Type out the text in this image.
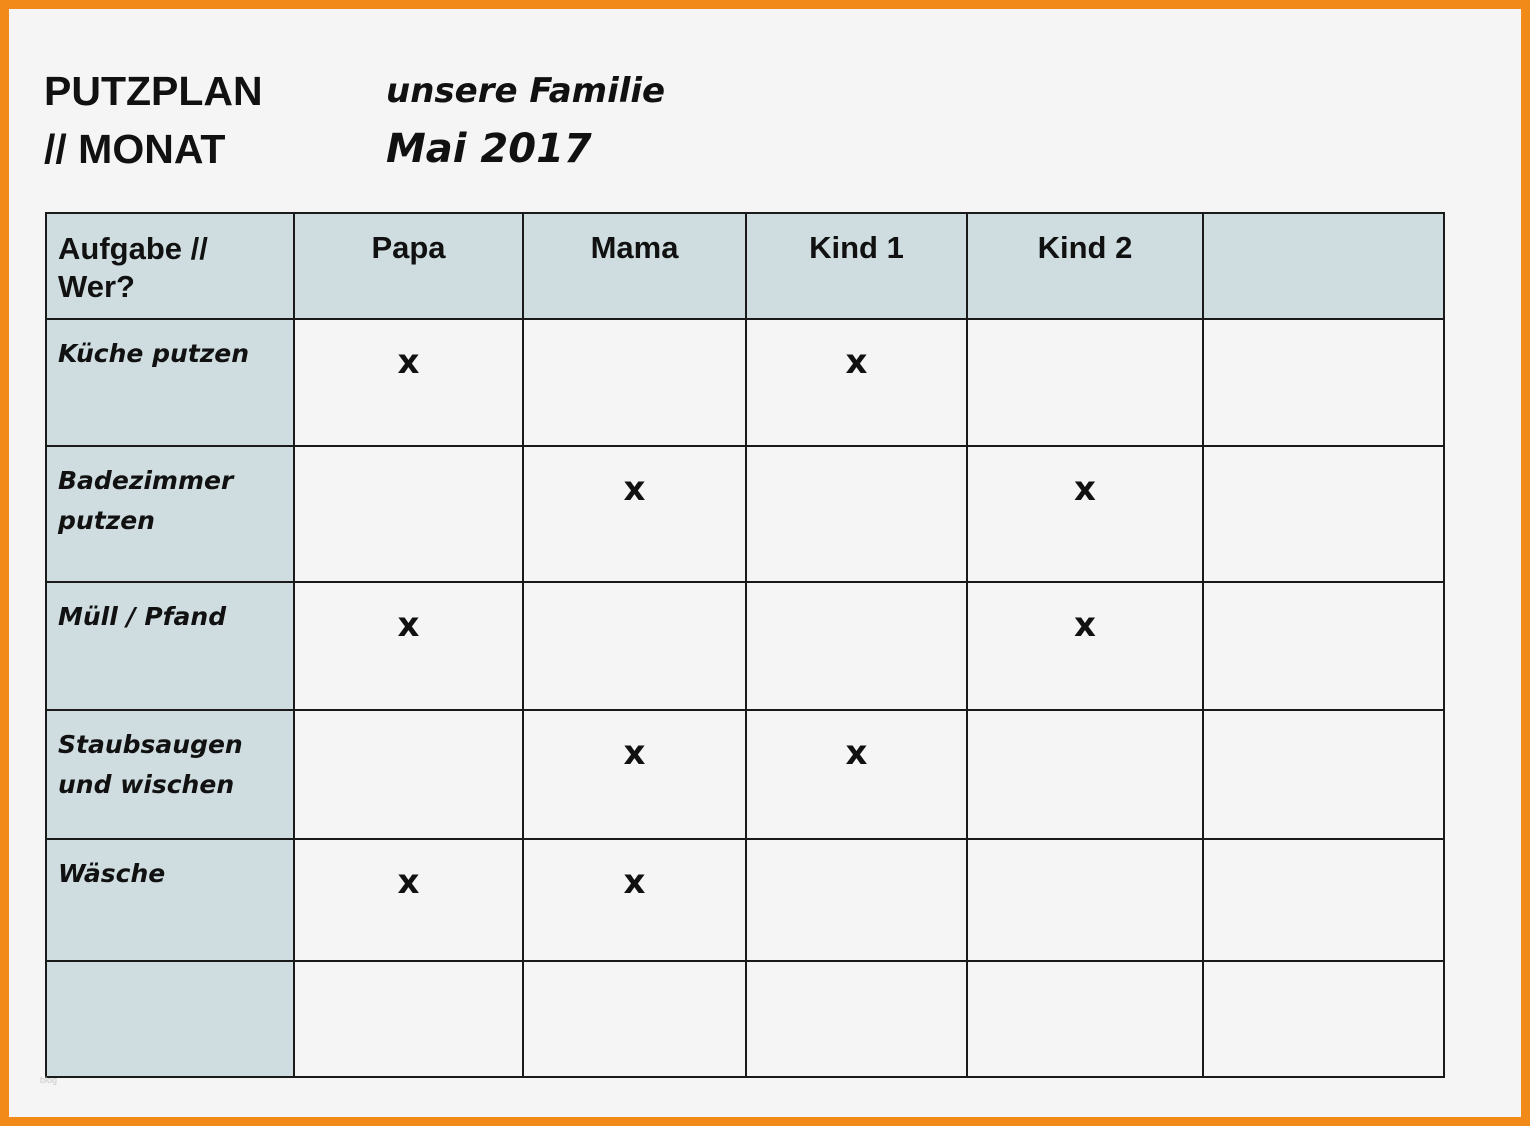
PUTZPLAN
// MONAT
unsere Familie
Mai 2017
Aufgabe // Wer?	Papa	Mama	Kind 1	Kind 2	
Küche putzen	x		x		
Badezimmer putzen		x		x	
Müll / Pfand	x			x	
Staubsaugen und wischen		x	x		
Wäsche	x	x			

blog
